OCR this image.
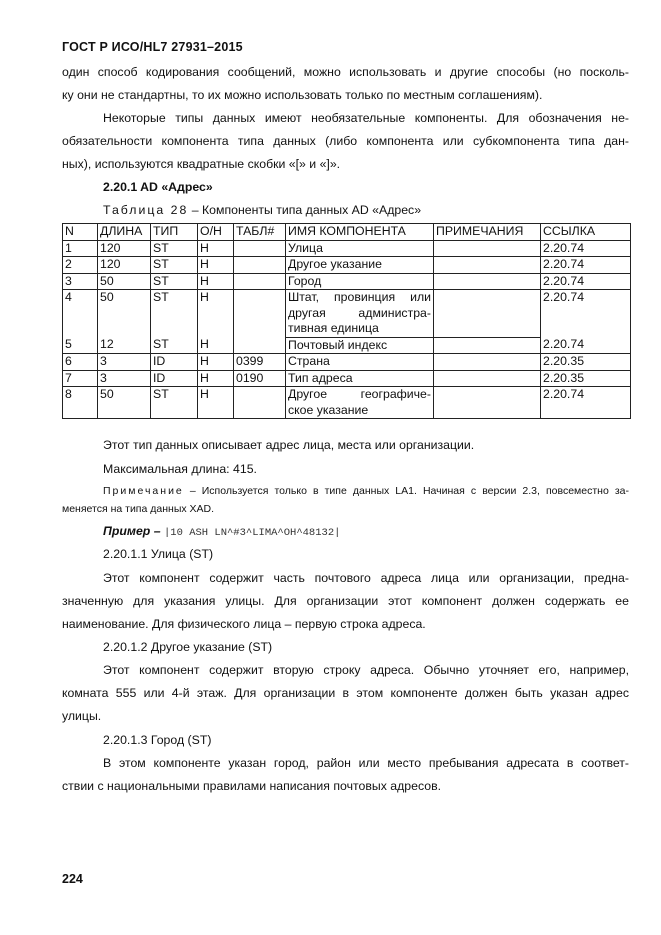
ГОСТ Р ИСО/HL7 27931–2015
один способ кодирования сообщений, можно использовать и другие способы (но посколь-
ку они не стандартны, то их можно использовать только по местным соглашениям).
Некоторые типы данных имеют необязательные компоненты. Для обозначения не-
обязательности компонента типа данных (либо компонента или субкомпонента типа дан-
ных), используются квадратные скобки «[» и «]».
2.20.1 AD «Адрес»
Таблица 28 – Компоненты типа данных AD «Адрес»
N	ДЛИНА	ТИП	О/Н	ТАБЛ#	ИМЯ КОМПОНЕНТА	ПРИМЕЧАНИЯ	ССЫЛКА
1	120	ST	Н		Улица		2.20.74
2	120	ST	Н		Другое указание		2.20.74
3	50	ST	Н		Город		2.20.74
4	50	ST	Н		Штат, провинция или
другая администра-
тивная единица		2.20.74
5	12	ST	Н		Почтовый индекс		2.20.74
6	3	ID	Н	0399	Страна		2.20.35
7	3	ID	Н	0190	Тип адреса		2.20.35
8	50	ST	Н		Другое географиче-
ское указание		2.20.74
Этот тип данных описывает адрес лица, места или организации.
Максимальная длина: 415.
Примечание – Используется только в типе данных LA1. Начиная с версии 2.3, повсеместно за-
меняется на типа данных XAD.
Пример – |10 ASH LN^#3^LIMA^OH^48132|
2.20.1.1 Улица (ST)
Этот компонент содержит часть почтового адреса лица или организации, предна-
значенную для указания улицы. Для организации этот компонент должен содержать ее
наименование. Для физического лица – первую строка адреса.
2.20.1.2 Другое указание (ST)
Этот компонент содержит вторую строку адреса. Обычно уточняет его, например,
комната 555 или 4-й этаж. Для организации в этом компоненте должен быть указан адрес
улицы.
2.20.1.3 Город (ST)
В этом компоненте указан город, район или место пребывания адресата в соответ-
ствии с национальными правилами написания почтовых адресов.
224
